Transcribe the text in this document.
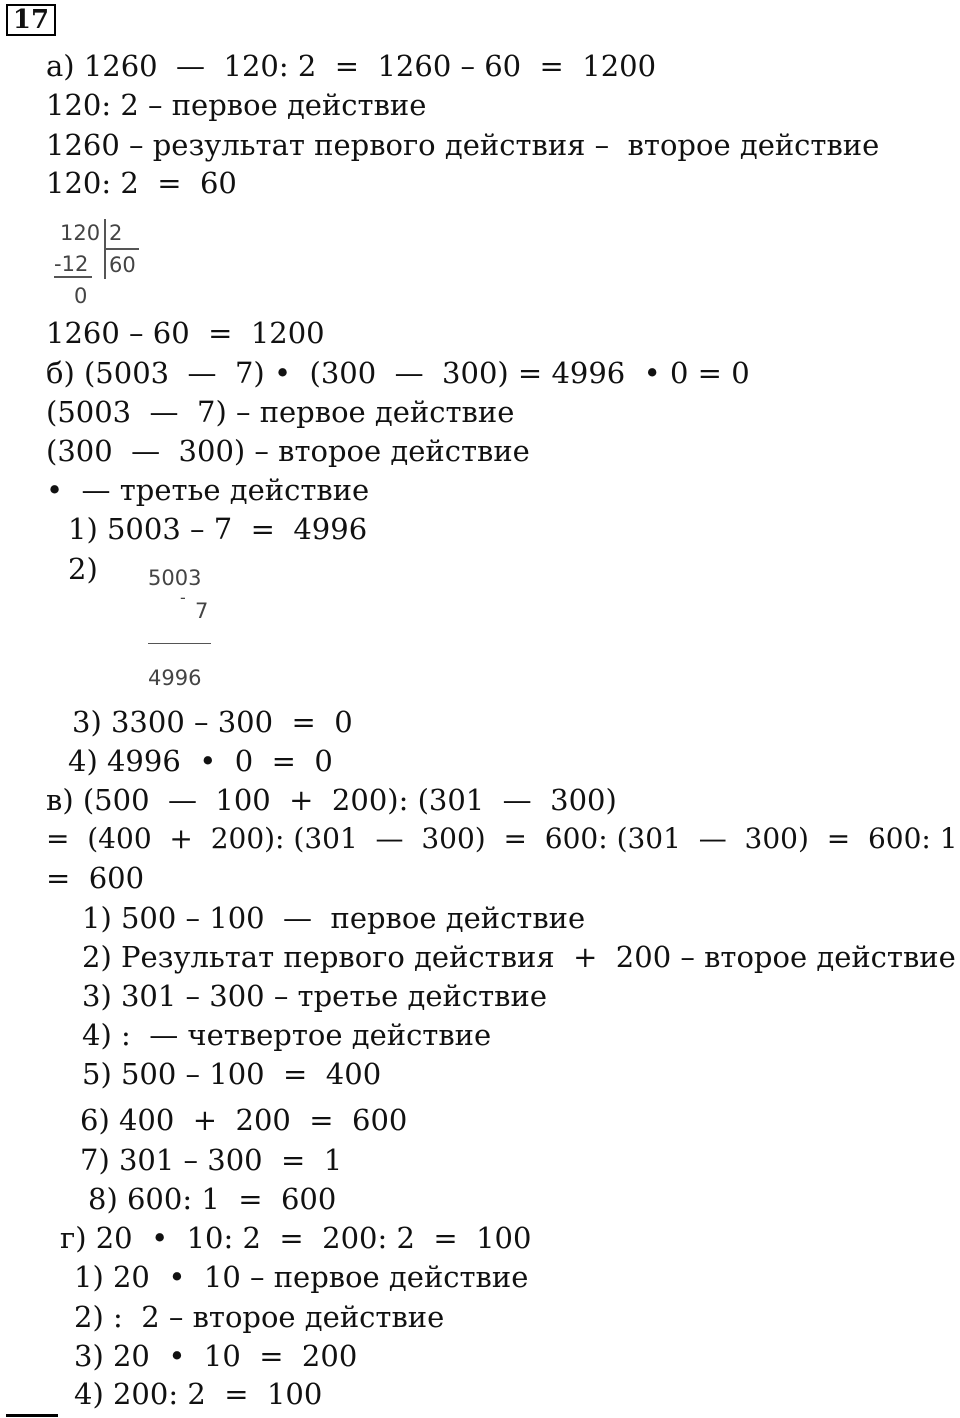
17
а) 1260  —  120: 2  =  1260 – 60  =  1200
120: 2 – первое действие
1260 – результат первого действия –  второе действие
120: 2  =  60
120 2
-12 60
0
1260 – 60  =  1200
б) (5003  —  7) •  (300  —  300) = 4996  • 0 = 0
(5003  —  7) – первое действие
(300  —  300) – второе действие
•  — третье действие
1) 5003 – 7  =  4996
2) 5003
-
7
4996
3) 3300 – 300  =  0
4) 4996  •  0  =  0
в) (500  —  100  +  200): (301  —  300)
=  (400  +  200): (301  —  300)  =  600: (301  —  300)  =  600: 1
=  600
1) 500 – 100  —  первое действие
2) Результат первого действия  +  200 – второе действие
3) 301 – 300 – третье действие
4) :  — четвертое действие
5) 500 – 100  =  400
6) 400  +  200  =  600
7) 301 – 300  =  1
8) 600: 1  =  600
г) 20  •  10: 2  =  200: 2  =  100
1) 20  •  10 – первое действие
2) :  2 – второе действие
3) 20  •  10  =  200
4) 200: 2  =  100
